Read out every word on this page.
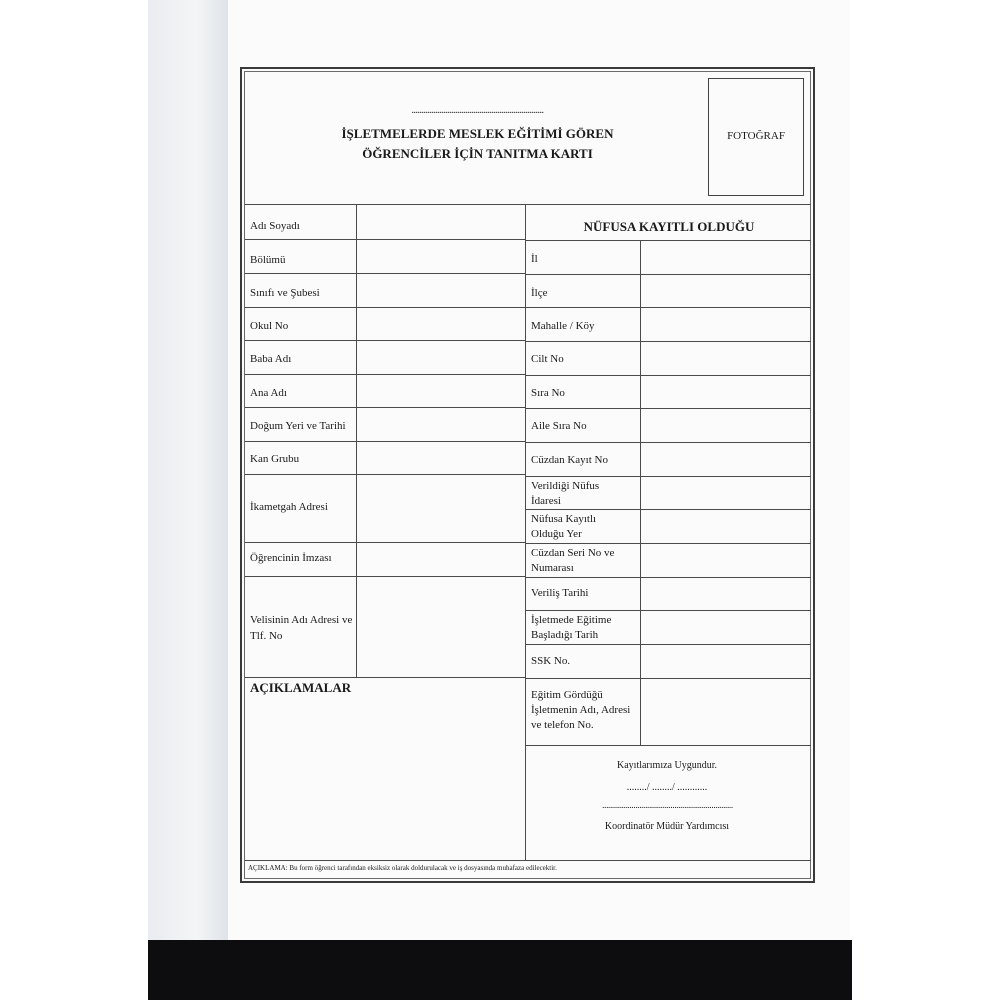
..................................................................
İŞLETMELERDE MESLEK EĞİTİMİ GÖREN
ÖĞRENCİLER İÇİN TANITMA KARTI
FOTOĞRAF
AÇIKLAMA: Bu form öğrenci tarafından eksiksiz olarak doldurulacak ve iş dosyasında muhafaza edilecektir.
Adı Soyadı
Bölümü
Sınıfı ve Şubesi
Okul No
Baba Adı
Ana Adı
Doğum Yeri ve Tarihi
Kan Grubu
İkametgah Adresi
Öğrencinin İmzası
Velisinin Adı Adresi ve Tlf. No
AÇIKLAMALAR
NÜFUSA KAYITLI OLDUĞU
İl
İlçe
Mahalle / Köy
Cilt No
Sıra No
Aile Sıra No
Cüzdan Kayıt No
Verildiği Nüfus İdaresi
Nüfusa Kayıtlı Olduğu Yer
Cüzdan Seri No ve Numarası
Veriliş Tarihi
İşletmede Eğitime Başladığı Tarih
SSK No.
Eğitim Gördüğü İşletmenin Adı, Adresi ve telefon No.
Kayıtlarımıza Uygundur.
......../ ......../ ............
...................................................................
Koordinatör Müdür Yardımcısı
